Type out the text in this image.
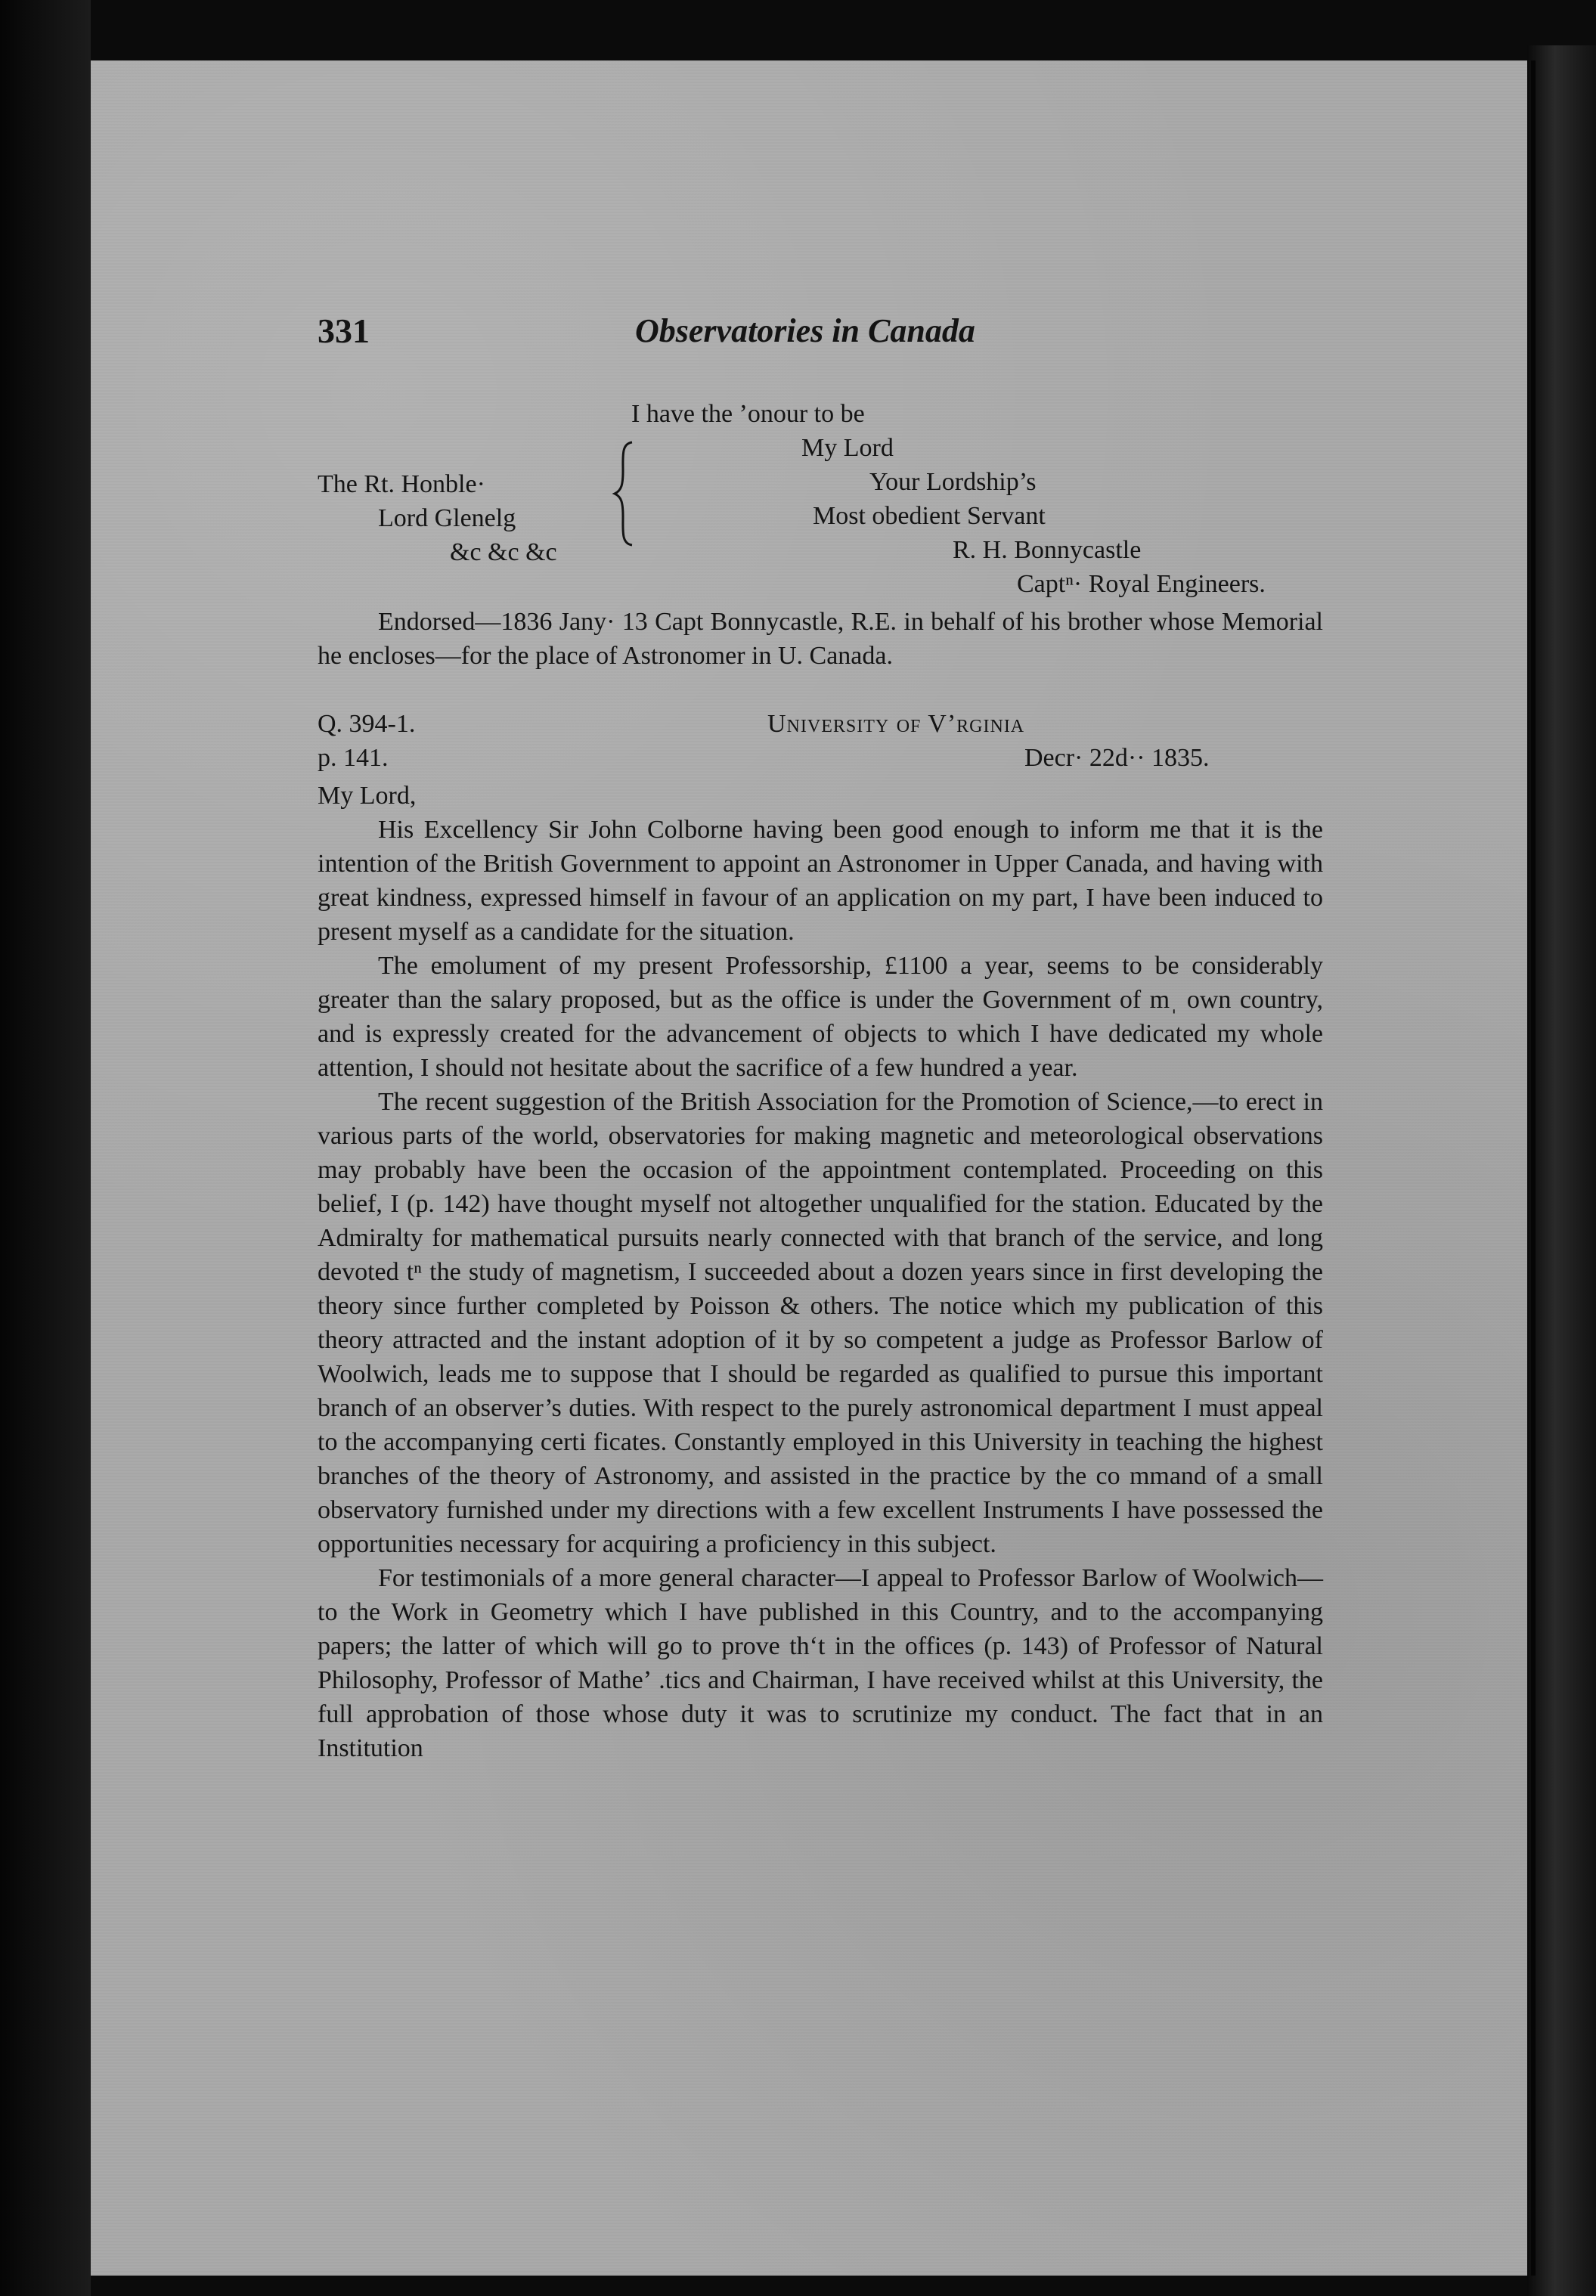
331	Observatories in Canada
I have the ’onour to be
My Lord
The Rt. Honble·	Your Lordship’s
Lord Glenelg	Most obedient Servant
&c &c &c	R. H. Bonnycastle
Captⁿ· Royal Engineers.

Endorsed—1836 Jany· 13 Capt Bonnycastle, R.E. in behalf of his brother whose Memorial he encloses—for the place of Astronomer in U. Canada.

Q. 394-1.
p. 141.
University of V’rginia
Decr· 22d·· 1835.

My Lord,

His Excellency Sir John Colborne having been good enough to inform me that it is the intention of the British Government to appoint an Astronomer in Upper Canada, and having with great kindness, expressed himself in favour of an application on my part, I have been induced to present myself as a candidate for the situation.

The emolument of my present Professorship, £1100 a year, seems to be considerably greater than the salary proposed, but as the office is under the Government of mˌ own country, and is expressly created for the advancement of objects to which I have dedicated my whole attention, I should not hesitate about the sacrifice of a few hundred a year.

The recent suggestion of the British Association for the Promotion of Science,—to erect in various parts of the world, observatories for making magnetic and meteorological observations may probably have been the occasion of the appointment contemplated. Proceeding on this belief, I (p. 142) have thought myself not altogether unqualified for the station. Educated by the Admiralty for mathematical pursuits nearly connected with that branch of the service, and long devoted tⁿ the study of magnetism, I succeeded about a dozen years since in first developing the theory since further completed by Poisson & others. The notice which my publication of this theory attracted and the instant adoption of it by so competent a judge as Professor Barlow of Woolwich, leads me to suppose that I should be regarded as qualified to pursue this important branch of an observer’s duties. With respect to the purely astronomical department I must appeal to the accompanying certi ficates. Constantly employed in this University in teaching the highest branches of the theory of Astronomy, and assisted in the practice by the co mmand of a small observatory furnished under my directions with a few excellent Instruments I have possessed the opportunities necessary for acquiring a proficiency in this subject.

For testimonials of a more general character—I appeal to Professor Barlow of Woolwich—to the Work in Geometry which I have published in this Country, and to the accompanying papers; the latter of which will go to prove thʻt in the offices (p. 143) of Professor of Natural Philosophy, Professor of Matheʼ .tics and Chairman, I have received whilst at this University, the full approbation of those whose duty it was to scrutinize my conduct. The fact that in an Institution
